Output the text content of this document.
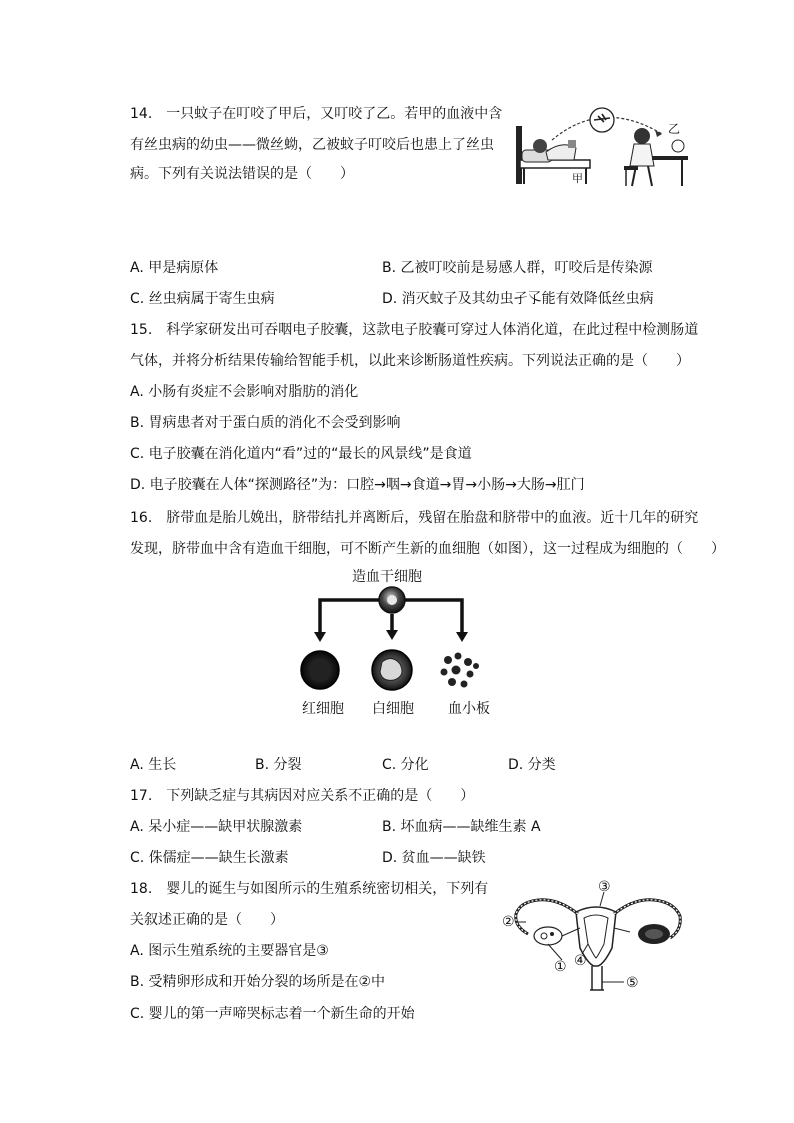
14.　一只蚊子在叮咬了甲后，又叮咬了乙。若甲的血液中含
有丝虫病的幼虫——微丝蚴，乙被蚊子叮咬后也患上了丝虫
病。下列有关说法错误的是（　　）
乙
甲
A. 甲是病原体	B. 乙被叮咬前是易感人群，叮咬后是传染源
C. 丝虫病属于寄生虫病	D. 消灭蚊子及其幼虫孑孓能有效降低丝虫病
15.　科学家研发出可吞咽电子胶囊，这款电子胶囊可穿过人体消化道，在此过程中检测肠道
气体，并将分析结果传输给智能手机，以此来诊断肠道性疾病。下列说法正确的是（　　）
A. 小肠有炎症不会影响对脂肪的消化
B. 胃病患者对于蛋白质的消化不会受到影响
C. 电子胶囊在消化道内“看”过的“最长的风景线”是食道
D. 电子胶囊在人体“探测路径”为：口腔→咽→食道→胃→小肠→大肠→肛门
16.　脐带血是胎儿娩出，脐带结扎并离断后，残留在胎盘和脐带中的血液。近十几年的研究
发现，脐带血中含有造血干细胞，可不断产生新的血细胞（如图），这一过程成为细胞的（　　）
造血干细胞
红细胞 白细胞 血小板
A. 生长	B. 分裂	C. 分化	D. 分类
17.　下列缺乏症与其病因对应关系不正确的是（　　）
A. 呆小症——缺甲状腺激素	B. 坏血病——缺维生素 A
C. 侏儒症——缺生长激素	D. 贫血——缺铁
18.　婴儿的诞生与如图所示的生殖系统密切相关，下列有
关叙述正确的是（　　）
A. 图示生殖系统的主要器官是③
B. 受精卵形成和开始分裂的场所是在②中
C. 婴儿的第一声啼哭标志着一个新生命的开始
③
②
① ④
⑤
